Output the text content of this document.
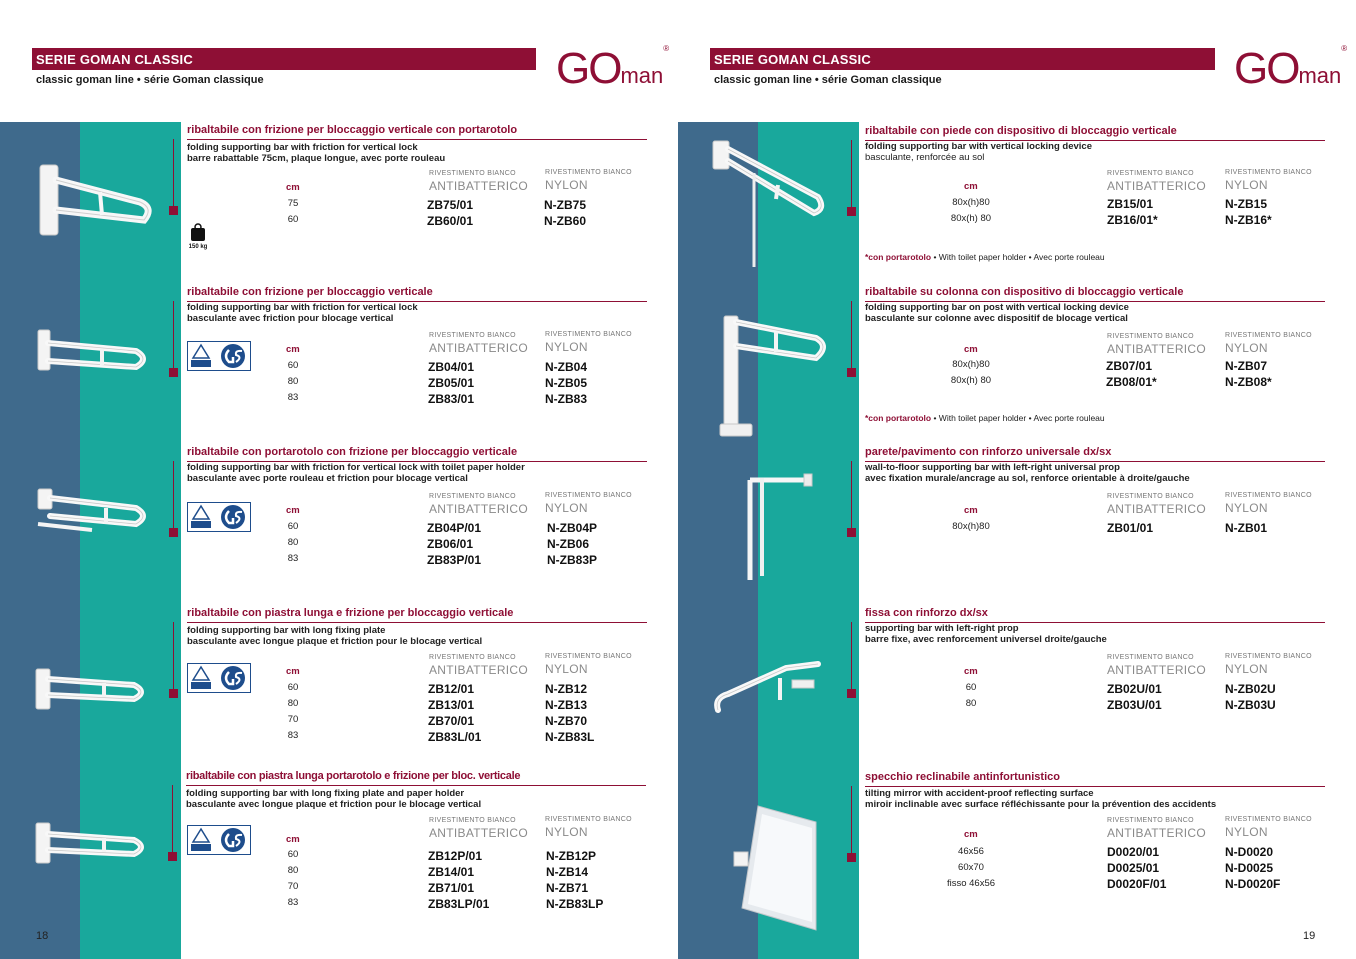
SERIE GOMAN CLASSIC
classic goman line • série Goman classique	GOman®
ribaltabile con frizione per bloccaggio verticale con portarotolo
folding supporting bar with friction for vertical lock
barre rabattable 75cm, plaque longue, avec porte rouleau
RIVESTIMENTO BIANCO
ANTIBATTERICO
RIVESTIMENTO BIANCO
NYLON
cm
75	ZB75/01	N-ZB75
60	ZB60/01	N-ZB60
150 kg
ribaltabile con frizione per bloccaggio verticale
folding supporting bar with friction for vertical lock
basculante avec friction pour blocage vertical
RIVESTIMENTO BIANCO
ANTIBATTERICO
RIVESTIMENTO BIANCO
NYLON
cm
60	ZB04/01	N-ZB04
80	ZB05/01	N-ZB05
83	ZB83/01	N-ZB83
ribaltabile con portarotolo con frizione per bloccaggio verticale
folding supporting bar with friction for vertical lock with toilet paper holder
basculante avec porte rouleau et friction pour blocage vertical
RIVESTIMENTO BIANCO
ANTIBATTERICO
RIVESTIMENTO BIANCO
NYLON
cm
60	ZB04P/01	N-ZB04P
80	ZB06/01	N-ZB06
83	ZB83P/01	N-ZB83P
ribaltabile con piastra lunga e frizione per bloccaggio verticale
folding supporting bar with long fixing plate
basculante avec longue plaque et friction pour le blocage vertical
RIVESTIMENTO BIANCO
ANTIBATTERICO
RIVESTIMENTO BIANCO
NYLON
cm
60	ZB12/01	N-ZB12
80	ZB13/01	N-ZB13
70	ZB70/01	N-ZB70
83	ZB83L/01	N-ZB83L
ribaltabile con piastra lunga portarotolo e frizione per bloc. verticale
folding supporting bar with long fixing plate and paper holder
basculante avec longue plaque et friction pour le blocage vertical
RIVESTIMENTO BIANCO
ANTIBATTERICO
RIVESTIMENTO BIANCO
NYLON
cm
60	ZB12P/01	N-ZB12P
80	ZB14/01	N-ZB14
70	ZB71/01	N-ZB71
83	ZB83LP/01	N-ZB83LP
18
SERIE GOMAN CLASSIC
classic goman line • série Goman classique	GOman®
ribaltabile con piede con dispositivo di bloccaggio verticale
folding supporting bar with vertical locking device
basculante, renforcée au sol
RIVESTIMENTO BIANCO
ANTIBATTERICO
RIVESTIMENTO BIANCO
NYLON
cm
80x(h)80	ZB15/01	N-ZB15
80x(h) 80	ZB16/01*	N-ZB16*
*con portarotolo • With toilet paper holder • Avec porte rouleau
ribaltabile su colonna con dispositivo di bloccaggio verticale
folding supporting bar on post with vertical locking device
basculante sur colonne avec dispositif de blocage vertical
RIVESTIMENTO BIANCO
ANTIBATTERICO
RIVESTIMENTO BIANCO
NYLON
cm
80x(h)80	ZB07/01	N-ZB07
80x(h) 80	ZB08/01*	N-ZB08*
*con portarotolo • With toilet paper holder • Avec porte rouleau
parete/pavimento con rinforzo universale dx/sx
wall-to-floor supporting bar with left-right universal prop
avec fixation murale/ancrage au sol, renforce orientable à droite/gauche
RIVESTIMENTO BIANCO
ANTIBATTERICO
RIVESTIMENTO BIANCO
NYLON
cm
80x(h)80	ZB01/01	N-ZB01
fissa con rinforzo dx/sx
supporting bar with left-right prop
barre fixe, avec renforcement universel droite/gauche
RIVESTIMENTO BIANCO
ANTIBATTERICO
RIVESTIMENTO BIANCO
NYLON
cm
60	ZB02U/01	N-ZB02U
80	ZB03U/01	N-ZB03U
specchio reclinabile antinfortunistico
tilting mirror with accident-proof reflecting surface
miroir inclinable avec surface réfléchissante pour la prévention des accidents
RIVESTIMENTO BIANCO
ANTIBATTERICO
RIVESTIMENTO BIANCO
NYLON
cm
46x56	D0020/01	N-D0020
60x70	D0025/01	N-D0025
fisso 46x56	D0020F/01	N-D0020F
19
